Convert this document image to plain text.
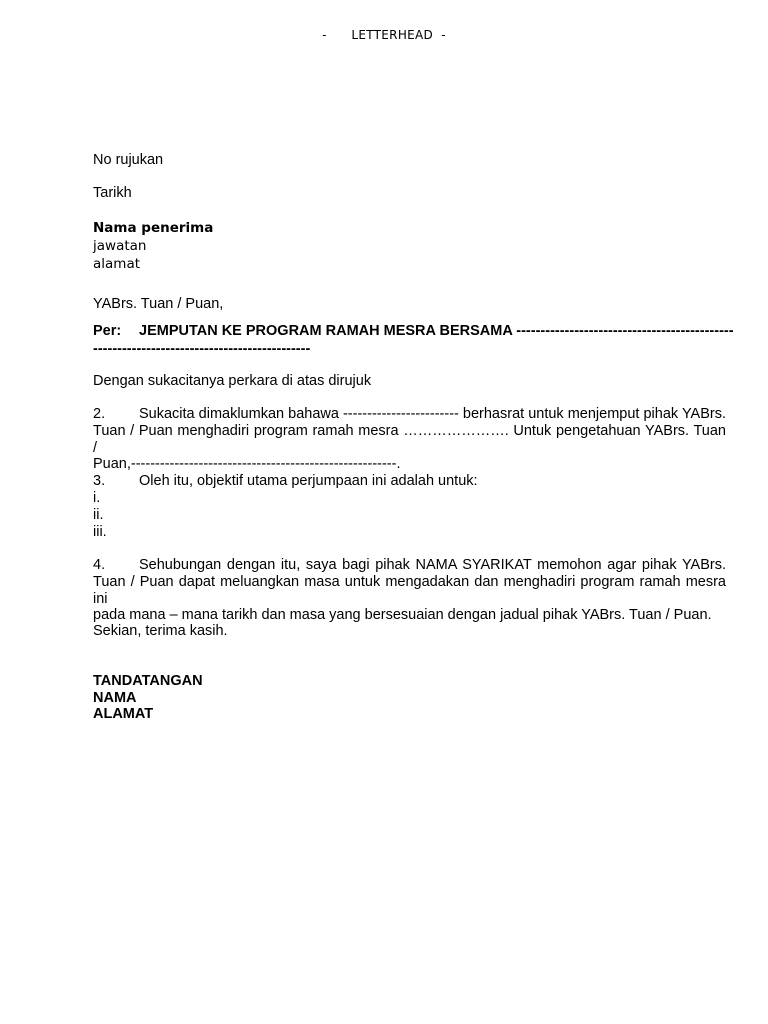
-      LETTERHEAD  -
No rujukan
Tarikh
Nama penerima
jawatan
alamat
YABrs. Tuan / Puan,
Per: JEMPUTAN KE PROGRAM RAMAH MESRA BERSAMA ---------------------------------------------
---------------------------------------------
Dengan sukacitanya perkara di atas dirujuk
2. Sukacita dimaklumkan bahawa ------------------------ berhasrat untuk menjemput pihak YABrs.
Tuan / Puan menghadiri program ramah mesra …………………. Untuk pengetahuan YABrs. Tuan /
Puan,-------------------------------------------------------.
3. Oleh itu, objektif utama perjumpaan ini adalah untuk:
i.
ii.
iii.
4. Sehubungan dengan itu, saya bagi pihak NAMA SYARIKAT memohon agar pihak YABrs.
Tuan / Puan dapat meluangkan masa untuk mengadakan dan menghadiri program ramah mesra ini
pada mana – mana tarikh dan masa yang bersesuaian dengan jadual pihak YABrs. Tuan / Puan.
Sekian, terima kasih.
TANDATANGAN
NAMA
ALAMAT
